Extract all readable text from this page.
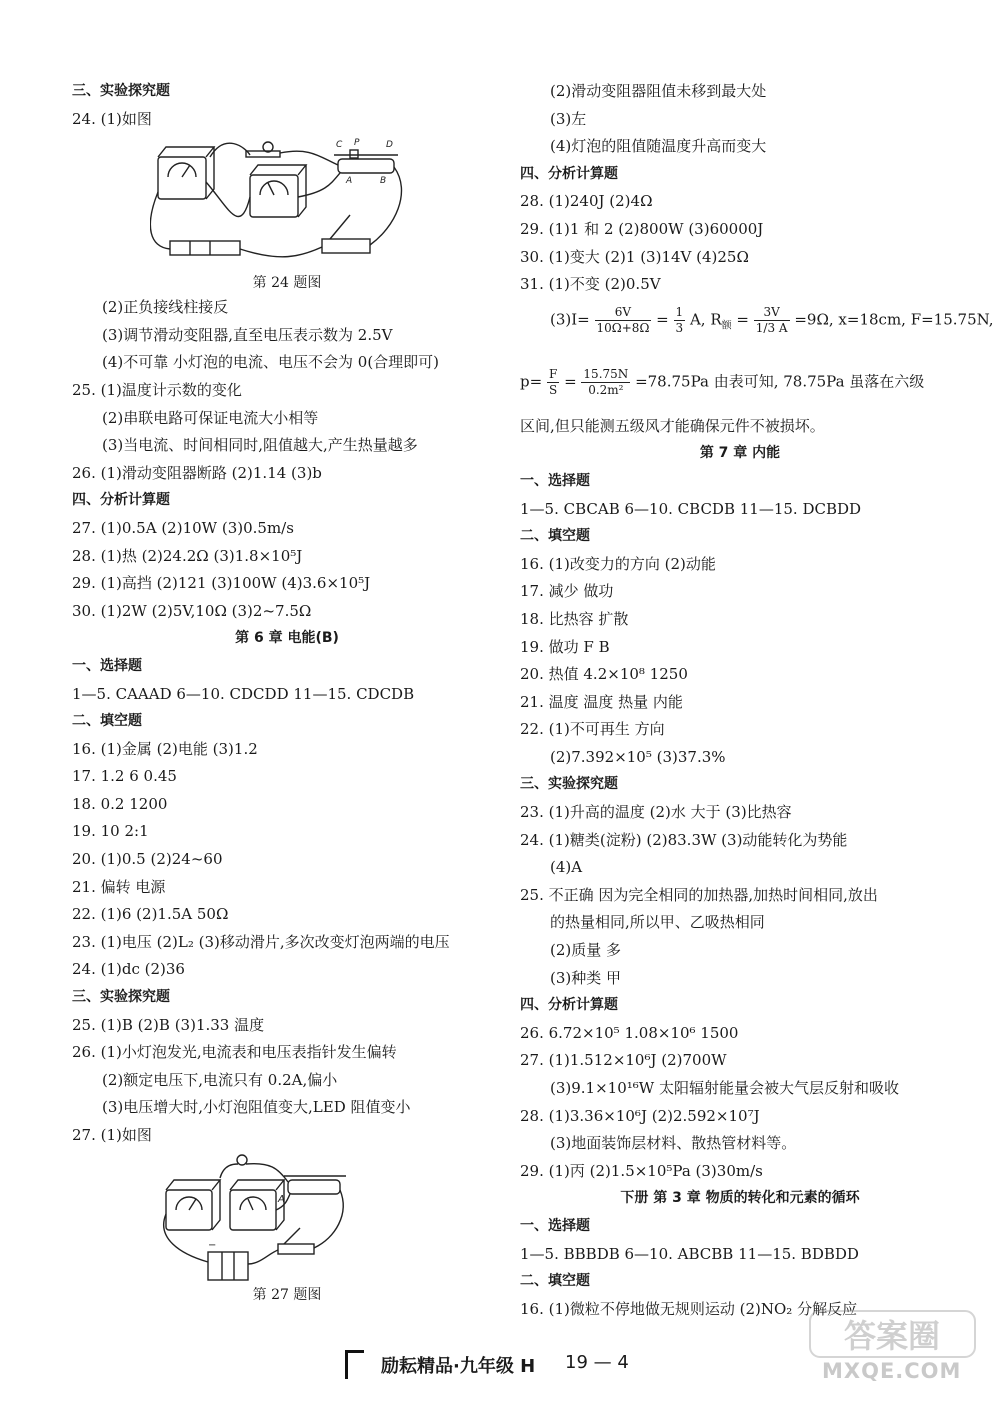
三、实验探究题
24. (1)如图
C P	D
A	B
第 24 题图
(2)正负接线柱接反
(3)调节滑动变阻器,直至电压表示数为 2.5V
(4)不可靠 小灯泡的电流、电压不会为 0(合理即可)
25. (1)温度计示数的变化
(2)串联电路可保证电流大小相等
(3)当电流、时间相同时,阻值越大,产生热量越多
26. (1)滑动变阻器断路 (2)1.14 (3)b
四、分析计算题
27. (1)0.5A (2)10W (3)0.5m/s
28. (1)热 (2)24.2Ω (3)1.8×10⁵J
29. (1)高挡 (2)121 (3)100W (4)3.6×10⁵J
30. (1)2W (2)5V,10Ω (3)2~7.5Ω
第 6 章 电能(B)
一、选择题
1—5. CAAAD 6—10. CDCDD 11—15. CDCDB
二、填空题
16. (1)金属 (2)电能 (3)1.2
17. 1.2 6 0.45
18. 0.2 1200
19. 10 2:1
20. (1)0.5 (2)24~60
21. 偏转 电源
22. (1)6 (2)1.5A 50Ω
23. (1)电压 (2)L₂ (3)移动滑片,多次改变灯泡两端的电压
24. (1)dc (2)36
三、实验探究题
25. (1)B (2)B (3)1.33 温度
26. (1)小灯泡发光,电流表和电压表指针发生偏转
(2)额定电压下,电流只有 0.2A,偏小
(3)电压增大时,小灯泡阻值变大,LED 阻值变小
27. (1)如图
A
−
第 27 题图
(2)滑动变阻器阻值未移到最大处
(3)左
(4)灯泡的阻值随温度升高而变大
四、分析计算题
28. (1)240J (2)4Ω
29. (1)1 和 2 (2)800W (3)60000J
30. (1)变大 (2)1 (3)14V (4)25Ω
31. (1)不变 (2)0.5V
$(3)I= \frac{6V}{10\Omega+8\Omega} = \frac{1}{3} A$, $R_额 = \frac{3V}{1/3 A} =9\Omega$, x=18cm, F=15.75N,
$p= \frac{F}{S} = \frac{15.75N}{\text{0.2m²}} =78.75Pa$ 由表可知, 78.75Pa 虽落在六级
区间,但只能测五级风才能确保元件不被损坏。
第 7 章 内能
一、选择题
1—5. CBCAB 6—10. CBCDB 11—15. DCBDD
二、填空题
16. (1)改变力的方向 (2)动能
17. 减少 做功
18. 比热容 扩散
19. 做功 F B
20. 热值 4.2×10⁸ 1250
21. 温度 温度 热量 内能
22. (1)不可再生 方向
(2)7.392×10⁵ (3)37.3%
三、实验探究题
23. (1)升高的温度 (2)水 大于 (3)比热容
24. (1)糖类(淀粉) (2)83.3W (3)动能转化为势能
(4)A
25. 不正确 因为完全相同的加热器,加热时间相同,放出
的热量相同,所以甲、乙吸热相同
(2)质量 多
(3)种类 甲
四、分析计算题
26. 6.72×10⁵ 1.08×10⁶ 1500
27. (1)1.512×10⁶J (2)700W
(3)9.1×10¹⁶W 太阳辐射能量会被大气层反射和吸收
28. (1)3.36×10⁶J (2)2.592×10⁷J
(3)地面装饰层材料、散热管材料等。
29. (1)丙 (2)1.5×10⁵Pa (3)30m/s
下册 第 3 章 物质的转化和元素的循环
一、选择题
1—5. BBBDB 6—10. ABCBB 11—15. BDBDD
二、填空题
16. (1)微粒不停地做无规则运动 (2)NO₂ 分解反应
励耘精品·九年级 H 19 — 4
答案圈
MXQE.COM
